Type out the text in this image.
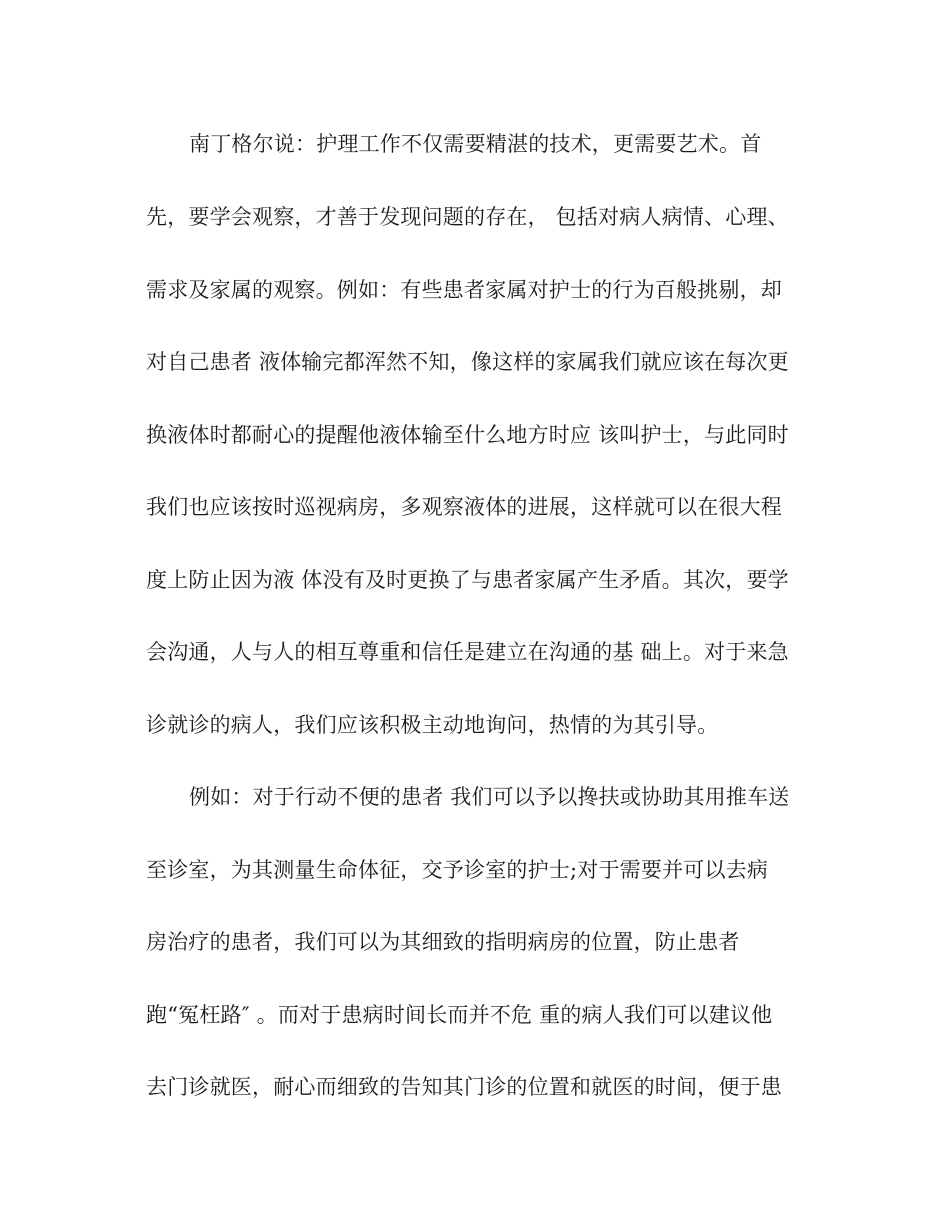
南丁格尔说：护理工作不仅需要精湛的技术，更需要艺术。首
先，要学会观察，才善于发现问题的存在， 包括对病人病情、心理、
需求及家属的观察。例如：有些患者家属对护士的行为百般挑剔，却
对自己患者 液体输完都浑然不知，像这样的家属我们就应该在每次更
换液体时都耐心的提醒他液体输至什么地方时应 该叫护士，与此同时
我们也应该按时巡视病房，多观察液体的进展，这样就可以在很大程
度上防止因为液 体没有及时更换了与患者家属产生矛盾。其次，要学
会沟通，人与人的相互尊重和信任是建立在沟通的基 础上。对于来急
诊就诊的病人，我们应该积极主动地询问，热情的为其引导。
例如：对于行动不便的患者 我们可以予以搀扶或协助其用推车送
至诊室，为其测量生命体征，交予诊室的护士;对于需要并可以去病
房治疗的患者，我们可以为其细致的指明病房的位置，防止患者
跑“冤枉路″ 。而对于患病时间长而并不危 重的病人我们可以建议他
去门诊就医，耐心而细致的告知其门诊的位置和就医的时间，便于患
